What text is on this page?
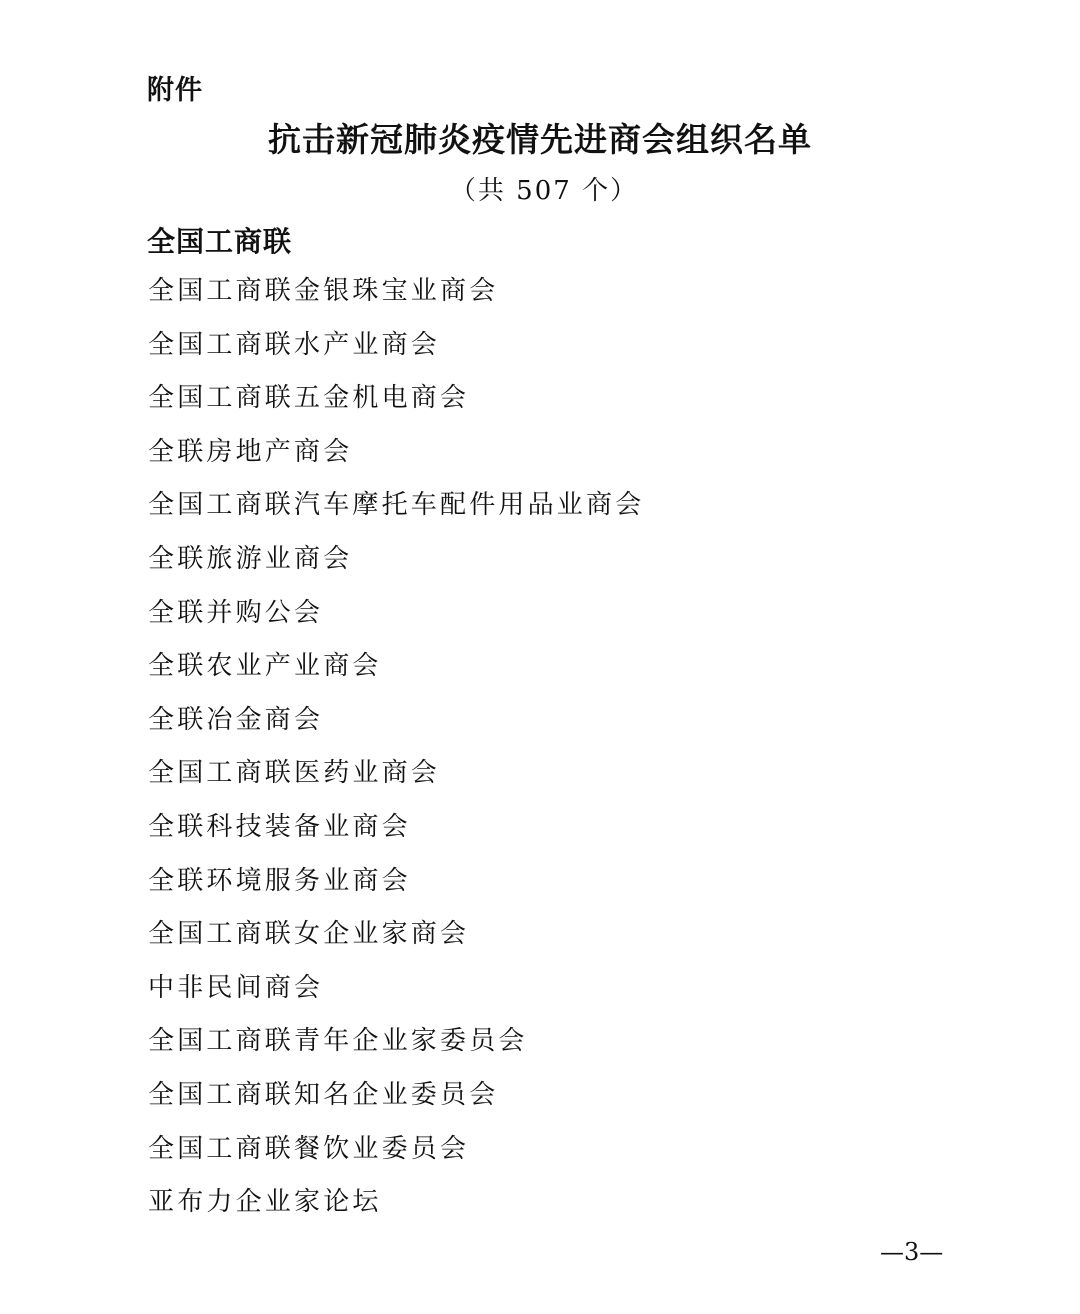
附件
抗击新冠肺炎疫情先进商会组织名单
（共 507 个）
全国工商联
全国工商联金银珠宝业商会
全国工商联水产业商会
全国工商联五金机电商会
全联房地产商会
全国工商联汽车摩托车配件用品业商会
全联旅游业商会
全联并购公会
全联农业产业商会
全联冶金商会
全国工商联医药业商会
全联科技装备业商会
全联环境服务业商会
全国工商联女企业家商会
中非民间商会
全国工商联青年企业家委员会
全国工商联知名企业委员会
全国工商联餐饮业委员会
亚布力企业家论坛
—3—
